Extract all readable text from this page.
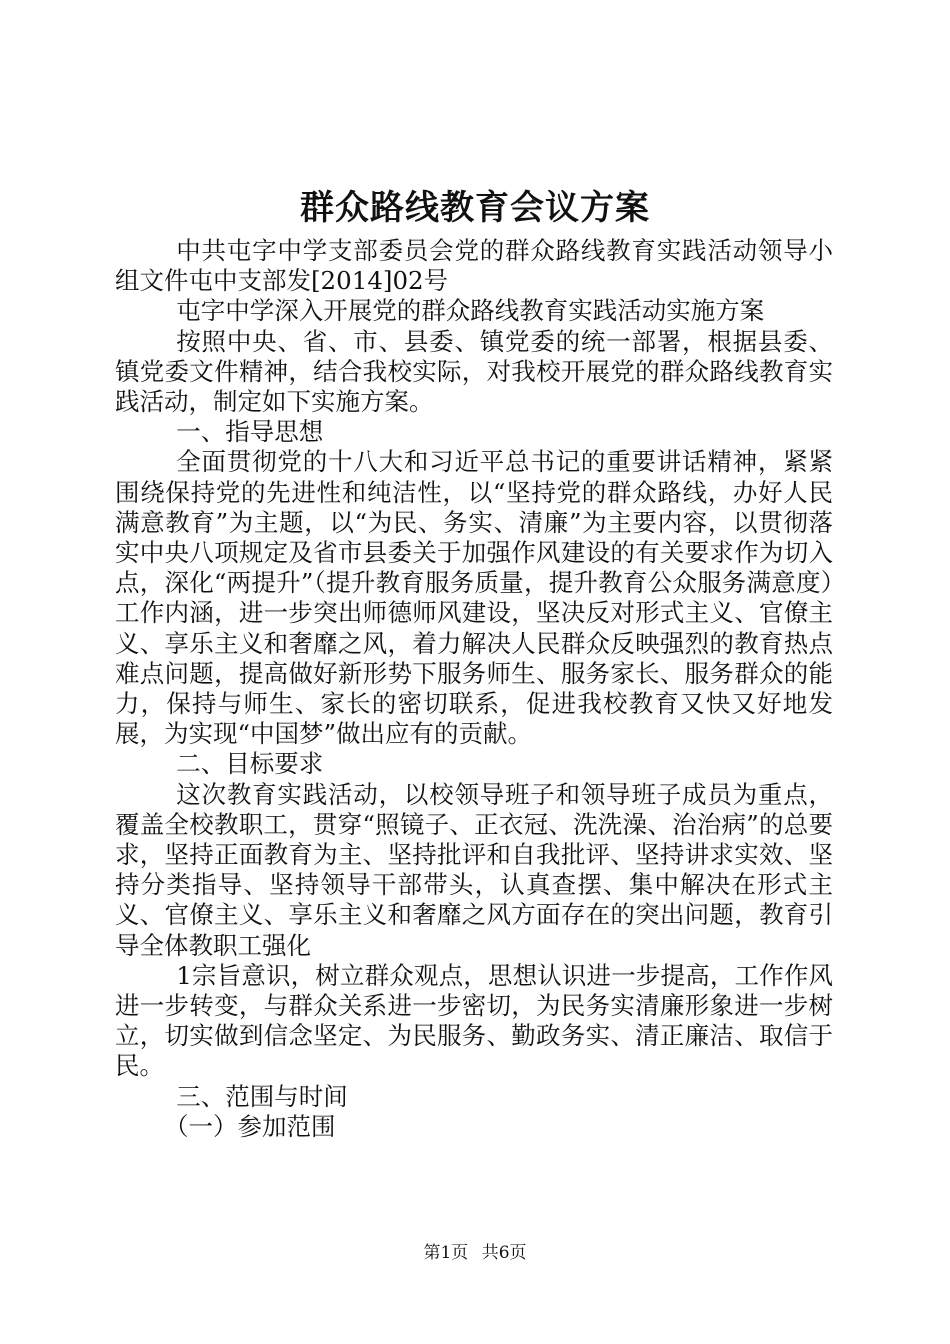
群众路线教育会议方案

中共屯字中学支部委员会党的群众路线教育实践活动领导小组文件屯中支部发[2014]02号

屯字中学深入开展党的群众路线教育实践活动实施方案

按照中央、省、市、县委、镇党委的统一部署，根据县委、镇党委文件精神，结合我校实际，对我校开展党的群众路线教育实践活动，制定如下实施方案。

一、指导思想

全面贯彻党的十八大和习近平总书记的重要讲话精神，紧紧围绕保持党的先进性和纯洁性，以“坚持党的群众路线，办好人民满意教育”为主题，以“为民、务实、清廉”为主要内容，以贯彻落实中央八项规定及省市县委关于加强作风建设的有关要求作为切入点，深化“两提升”（提升教育服务质量，提升教育公众服务满意度）工作内涵，进一步突出师德师风建设，坚决反对形式主义、官僚主义、享乐主义和奢靡之风，着力解决人民群众反映强烈的教育热点难点问题，提高做好新形势下服务师生、服务家长、服务群众的能力，保持与师生、家长的密切联系，促进我校教育又快又好地发展，为实现“中国梦”做出应有的贡献。

二、目标要求

这次教育实践活动，以校领导班子和领导班子成员为重点，覆盖全校教职工，贯穿“照镜子、正衣冠、洗洗澡、治治病”的总要求，坚持正面教育为主、坚持批评和自我批评、坚持讲求实效、坚持分类指导、坚持领导干部带头，认真查摆、集中解决在形式主义、官僚主义、享乐主义和奢靡之风方面存在的突出问题，教育引导全体教职工强化

1宗旨意识，树立群众观点，思想认识进一步提高，工作作风进一步转变，与群众关系进一步密切，为民务实清廉形象进一步树立，切实做到信念坚定、为民服务、勤政务实、清正廉洁、取信于民。

三、范围与时间

（一）参加范围

第1页 共6页
